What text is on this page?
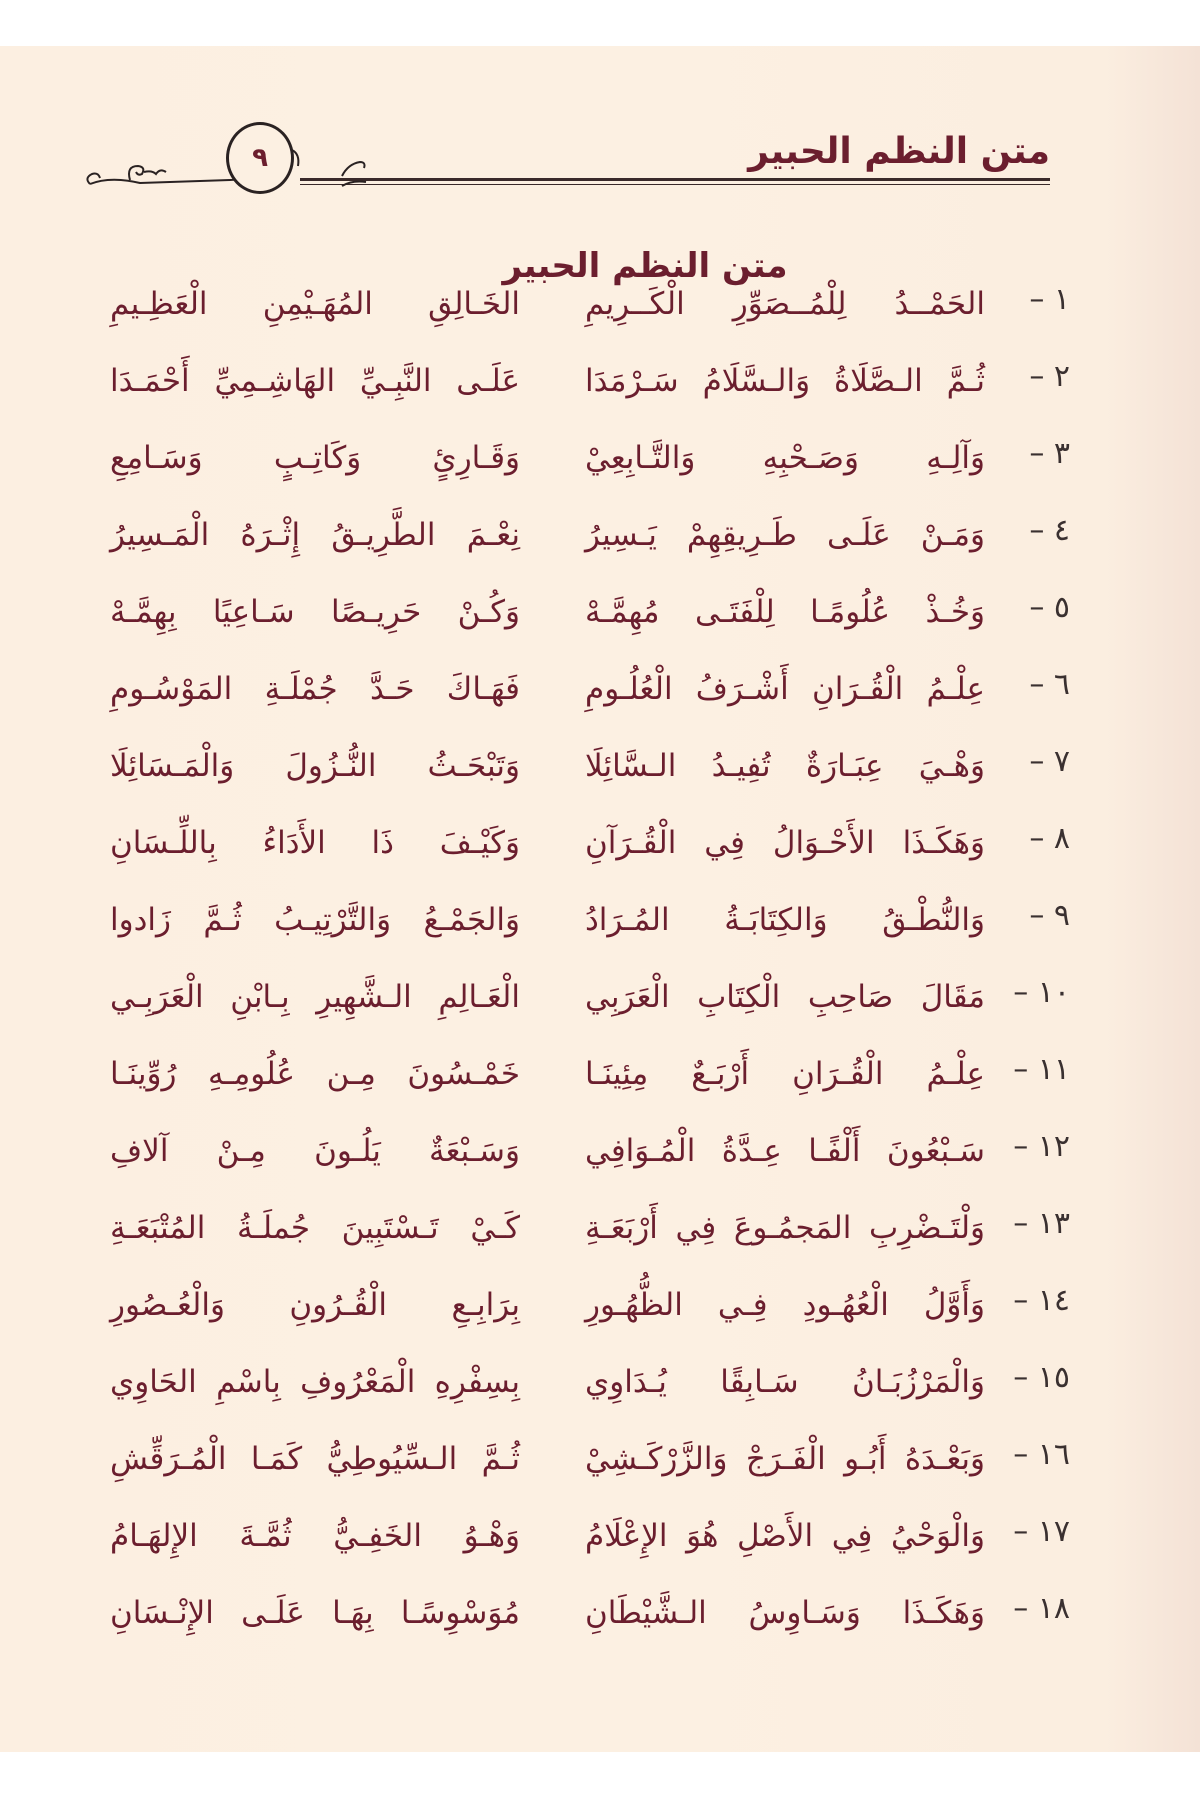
متن النظم الحبير
٩
متن النظم الحبير
١ –
الحَمْــدُ لِلْمُــصَوِّرِ الْكَــرِيمِ
الخَـالِقِ المُهَـيْمِنِ الْعَظِـيمِ
٢ –
ثُـمَّ الـصَّلَاةُ وَالـسَّلَامُ سَـرْمَدَا
عَلَـى النَّبِـيِّ الهَاشِـمِيِّ أَحْمَـدَا
٣ –
وَآلِـهِ وَصَـحْبِهِ وَالتَّـابِعِيْ
وَقَـارِئٍ وَكَاتِـبٍ وَسَـامِعِ
٤ –
وَمَـنْ عَلَـى طَـرِيقِهِمْ يَـسِيرُ
نِعْـمَ الطَّرِيـقُ إِثْـرَهُ الْمَـسِيرُ
٥ –
وَخُـذْ عُلُومًـا لِلْفَتَـى مُهِمَّـهْ
وَكُـنْ حَرِيـصًا سَـاعِيًا بِهِمَّـهْ
٦ –
عِلْـمُ الْقُـرَانِ أَشْـرَفُ الْعُلُـومِ
فَهَـاكَ حَـدَّ جُمْلَـةِ المَوْسُـومِ
٧ –
وَهْـيَ عِبَـارَةٌ تُفِيـدُ الـسَّائِلَا
وَتَبْحَـثُ النُّـزُولَ وَالْمَـسَائِلَا
٨ –
وَهَكَـذَا الأَحْـوَالُ فِي الْقُـرَآنِ
وَكَيْـفَ ذَا الأَدَاءُ بِاللِّـسَانِ
٩ –
وَالنُّطْـقُ وَالكِتَابَـةُ المُـرَادُ
وَالجَمْـعُ وَالتَّرْتِيـبُ ثُـمَّ زَادوا
١٠ –
مَقَالَ صَاحِبِ الْكِتَابِ الْعَرَبِي
الْعَـالِمِ الـشَّهِيرِ بِـابْنِ الْعَرَبِـي
١١ –
عِلْـمُ الْقُـرَانِ أَرْبَـعٌ مِئِينَـا
خَمْـسُونَ مِـن عُلُومِـهِ رُوِّينَـا
١٢ –
سَـبْعُونَ أَلْفًـا عِـدَّةُ الْمُـوَافِي
وَسَـبْعَةٌ يَلُـونَ مِـنْ آلافِ
١٣ –
وَلْتَـضْرِبِ المَجمُـوعَ فِي أَرْبَعَـةِ
كَـيْ تَـسْتَبِينَ جُملَـةُ المُتْبَعَـةِ
١٤ –
وَأَوَّلُ الْعُهُـودِ فِـي الظُّهُـورِ
بِرَابِـعِ الْقُـرُونِ وَالْعُـصُورِ
١٥ –
وَالْمَرْزُبَـانُ سَـابِقًا يُـدَاوِي
بِسِفْرِهِ الْمَعْرُوفِ بِاسْمِ الحَاوِي
١٦ –
وَبَعْـدَهُ أَبُـو الْفَـرَجْ وَالزَّرْكَـشِيْ
ثُـمَّ الـسِّيُوطِيُّ كَمَـا الْمُـرَقِّشِ
١٧ –
وَالْوَحْيُ فِي الأَصْلِ هُوَ الإِعْلَامُ
وَهْـوُ الخَفِـيُّ ثُمَّـةَ الإِلهَـامُ
١٨ –
وَهَكَـذَا وَسَـاوِسُ الـشَّيْطَانِ
مُوَسْوِسًـا بِهَـا عَلَـى الإِنْـسَانِ
